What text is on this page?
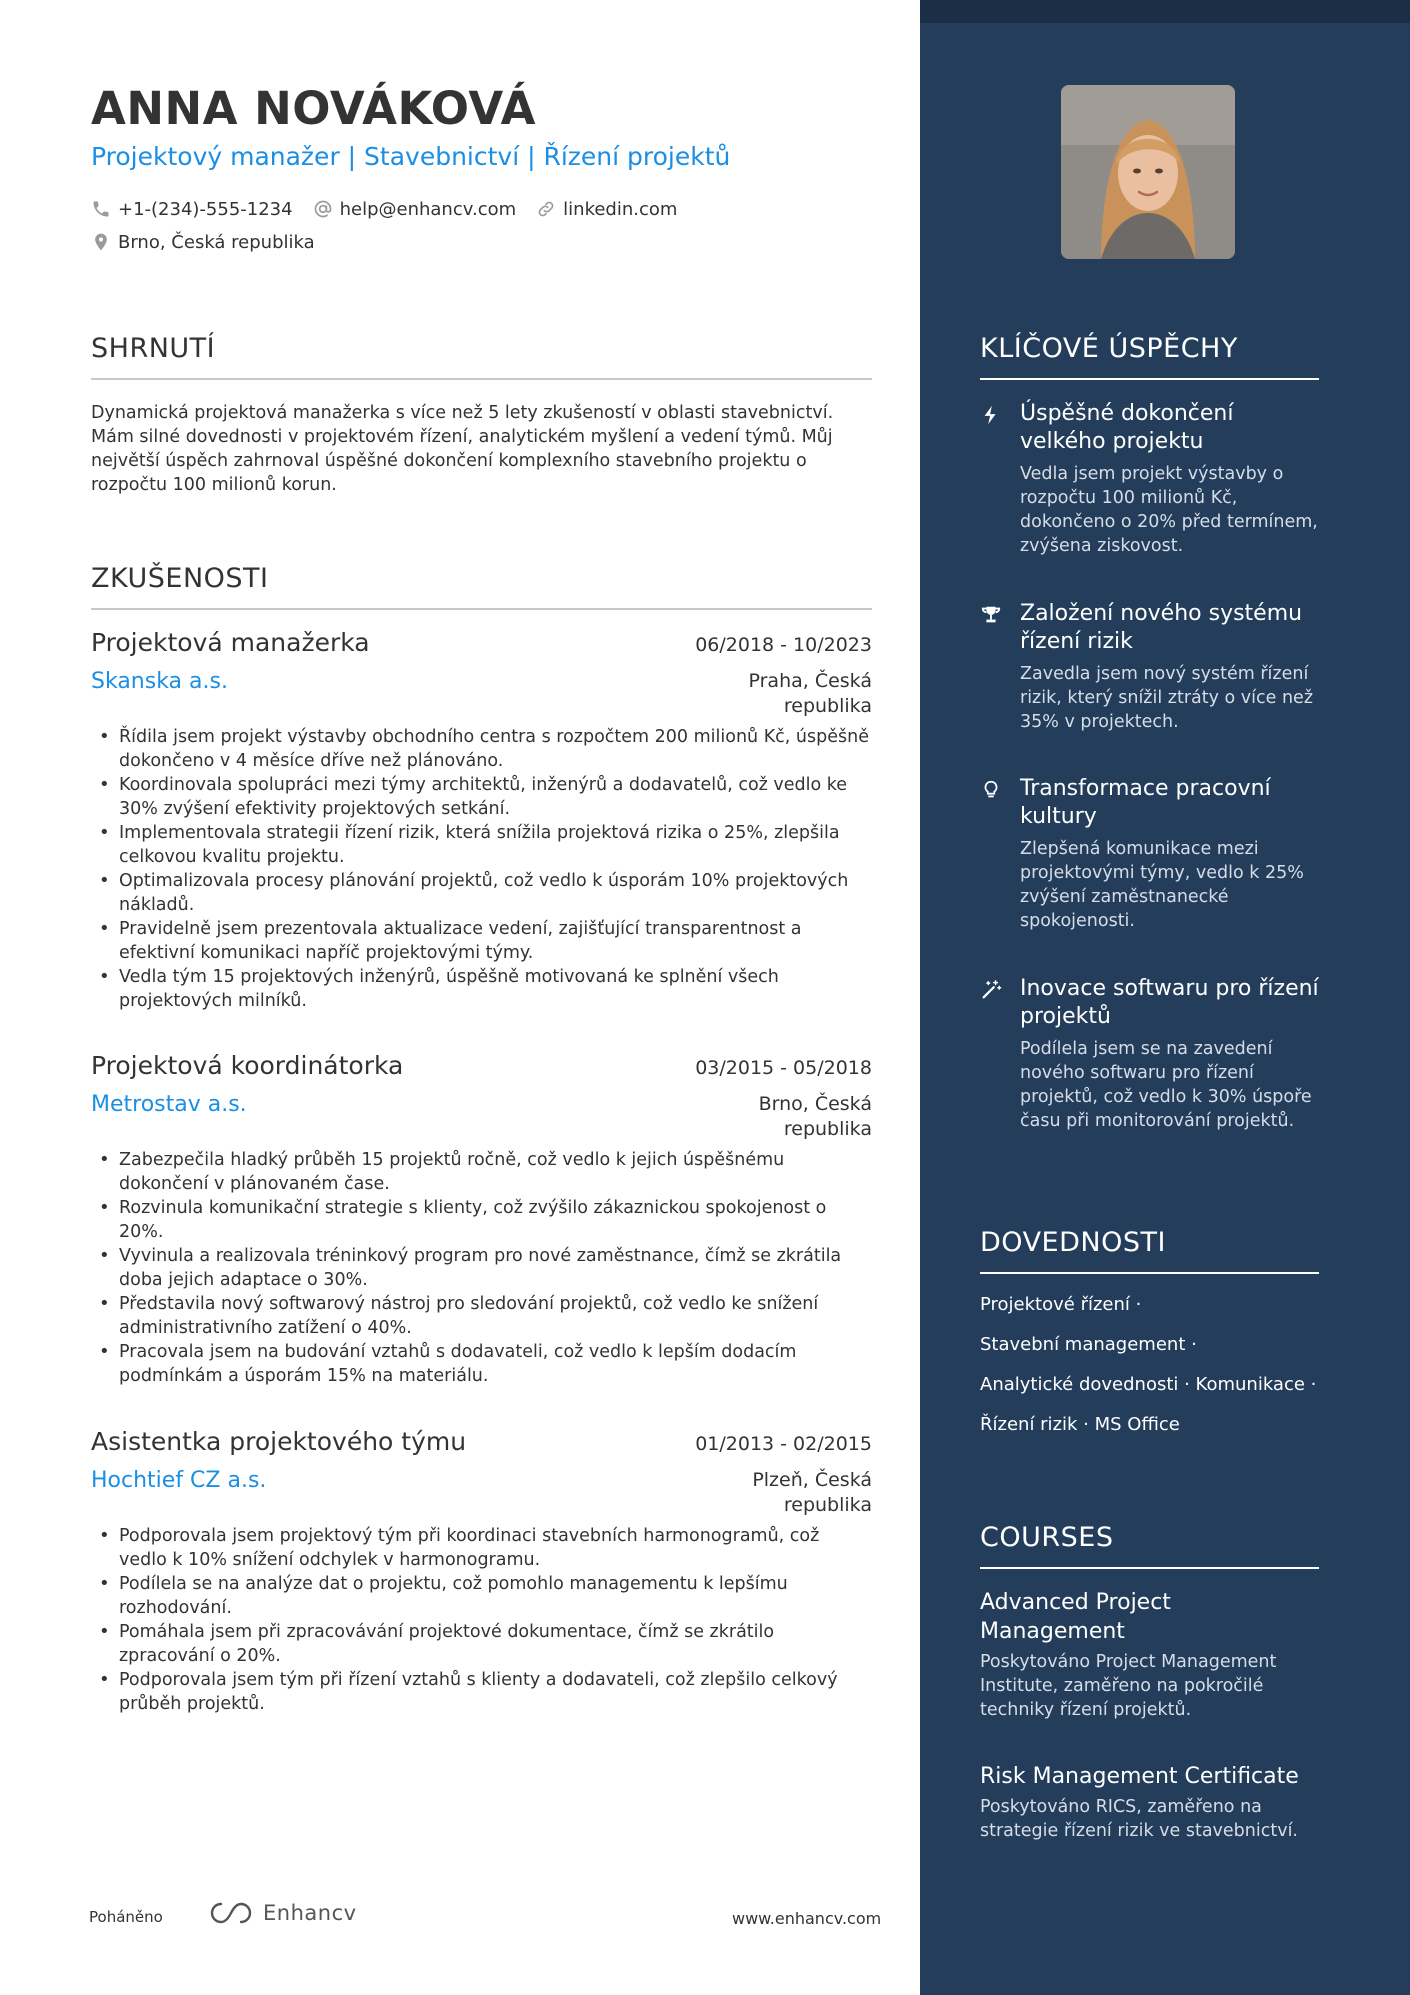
ANNA NOVÁKOVÁ
Projektový manažer | Stavebnictví | Řízení projektů
+1-(234)-555-1234	help@enhancv.com	linkedin.com
Brno, Česká republika
SHRNUTÍ
Dynamická projektová manažerka s více než 5 lety zkušeností v oblasti stavebnictví. Mám silné dovednosti v projektovém řízení, analytickém myšlení a vedení týmů. Můj největší úspěch zahrnoval úspěšné dokončení komplexního stavebního projektu o rozpočtu 100 milionů korun.
ZKUŠENOSTI
Projektová manažerka	06/2018 - 10/2023
Skanska a.s.	Praha, Česká republika
• Řídila jsem projekt výstavby obchodního centra s rozpočtem 200 milionů Kč, úspěšně dokončeno v 4 měsíce dříve než plánováno.
• Koordinovala spolupráci mezi týmy architektů, inženýrů a dodavatelů, což vedlo ke 30% zvýšení efektivity projektových setkání.
• Implementovala strategii řízení rizik, která snížila projektová rizika o 25%, zlepšila celkovou kvalitu projektu.
• Optimalizovala procesy plánování projektů, což vedlo k úsporám 10% projektových nákladů.
• Pravidelně jsem prezentovala aktualizace vedení, zajišťující transparentnost a efektivní komunikaci napříč projektovými týmy.
• Vedla tým 15 projektových inženýrů, úspěšně motivovaná ke splnění všech projektových milníků.
Projektová koordinátorka	03/2015 - 05/2018
Metrostav a.s.	Brno, Česká republika
• Zabezpečila hladký průběh 15 projektů ročně, což vedlo k jejich úspěšnému dokončení v plánovaném čase.
• Rozvinula komunikační strategie s klienty, což zvýšilo zákaznickou spokojenost o 20%.
• Vyvinula a realizovala tréninkový program pro nové zaměstnance, čímž se zkrátila doba jejich adaptace o 30%.
• Představila nový softwarový nástroj pro sledování projektů, což vedlo ke snížení administrativního zatížení o 40%.
• Pracovala jsem na budování vztahů s dodavateli, což vedlo k lepším dodacím podmínkám a úsporám 15% na materiálu.
Asistentka projektového týmu	01/2013 - 02/2015
Hochtief CZ a.s.	Plzeň, Česká republika
• Podporovala jsem projektový tým při koordinaci stavebních harmonogramů, což vedlo k 10% snížení odchylek v harmonogramu.
• Podílela se na analýze dat o projektu, což pomohlo managementu k lepšímu rozhodování.
• Pomáhala jsem při zpracovávání projektové dokumentace, čímž se zkrátilo zpracování o 20%.
• Podporovala jsem tým při řízení vztahů s klienty a dodavateli, což zlepšilo celkový průběh projektů.
Poháněno	Enhancv	www.enhancv.com
KLÍČOVÉ ÚSPĚCHY
Úspěšné dokončení velkého projektu
Vedla jsem projekt výstavby o rozpočtu 100 milionů Kč, dokončeno o 20% před termínem, zvýšena ziskovost.
Založení nového systému řízení rizik
Zavedla jsem nový systém řízení rizik, který snížil ztráty o více než 35% v projektech.
Transformace pracovní kultury
Zlepšená komunikace mezi projektovými týmy, vedlo k 25% zvýšení zaměstnanecké spokojenosti.
Inovace softwaru pro řízení projektů
Podílela jsem se na zavedení nového softwaru pro řízení projektů, což vedlo k 30% úspoře času při monitorování projektů.
DOVEDNOSTI
Projektové řízení ·
Stavební management ·
Analytické dovednosti · Komunikace ·
Řízení rizik · MS Office
COURSES
Advanced Project Management
Poskytováno Project Management Institute, zaměřeno na pokročilé techniky řízení projektů.
Risk Management Certificate
Poskytováno RICS, zaměřeno na strategie řízení rizik ve stavebnictví.
